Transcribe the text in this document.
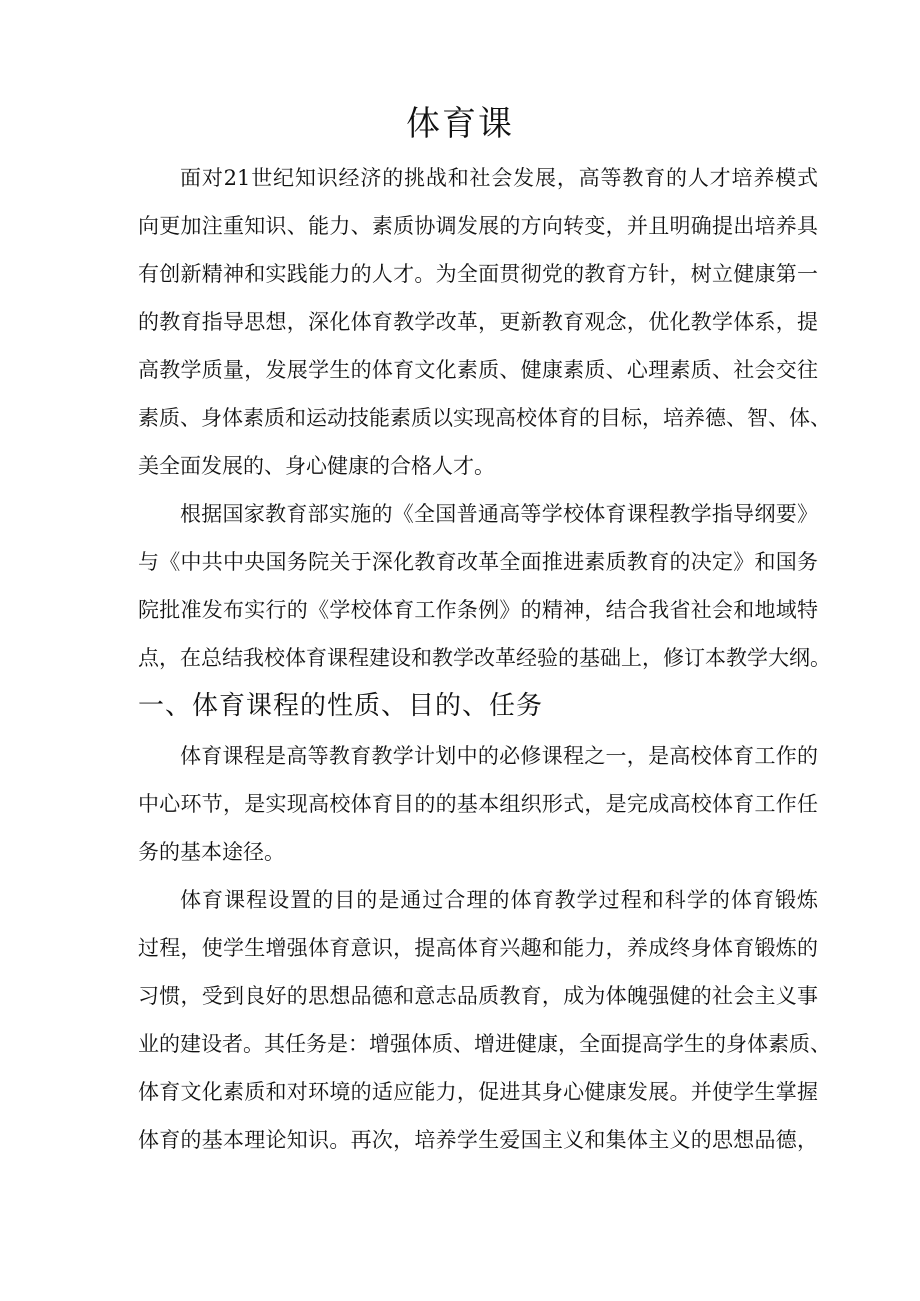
体育课
面对21世纪知识经济的挑战和社会发展，高等教育的人才培养模式
向更加注重知识、能力、素质协调发展的方向转变，并且明确提出培养具
有创新精神和实践能力的人才。为全面贯彻党的教育方针，树立健康第一
的教育指导思想，深化体育教学改革，更新教育观念，优化教学体系，提
高教学质量，发展学生的体育文化素质、健康素质、心理素质、社会交往
素质、身体素质和运动技能素质以实现高校体育的目标，培养德、智、体、
美全面发展的、身心健康的合格人才。
根据国家教育部实施的《全国普通高等学校体育课程教学指导纲要》
与《中共中央国务院关于深化教育改革全面推进素质教育的决定》和国务
院批准发布实行的《学校体育工作条例》的精神，结合我省社会和地域特
点，在总结我校体育课程建设和教学改革经验的基础上，修订本教学大纲。
一、体育课程的性质、目的、任务
体育课程是高等教育教学计划中的必修课程之一，是高校体育工作的
中心环节，是实现高校体育目的的基本组织形式，是完成高校体育工作任
务的基本途径。
体育课程设置的目的是通过合理的体育教学过程和科学的体育锻炼
过程，使学生增强体育意识，提高体育兴趣和能力，养成终身体育锻炼的
习惯，受到良好的思想品德和意志品质教育，成为体魄强健的社会主义事
业的建设者。其任务是：增强体质、增进健康，全面提高学生的身体素质、
体育文化素质和对环境的适应能力，促进其身心健康发展。并使学生掌握
体育的基本理论知识。再次，培养学生爱国主义和集体主义的思想品德，
